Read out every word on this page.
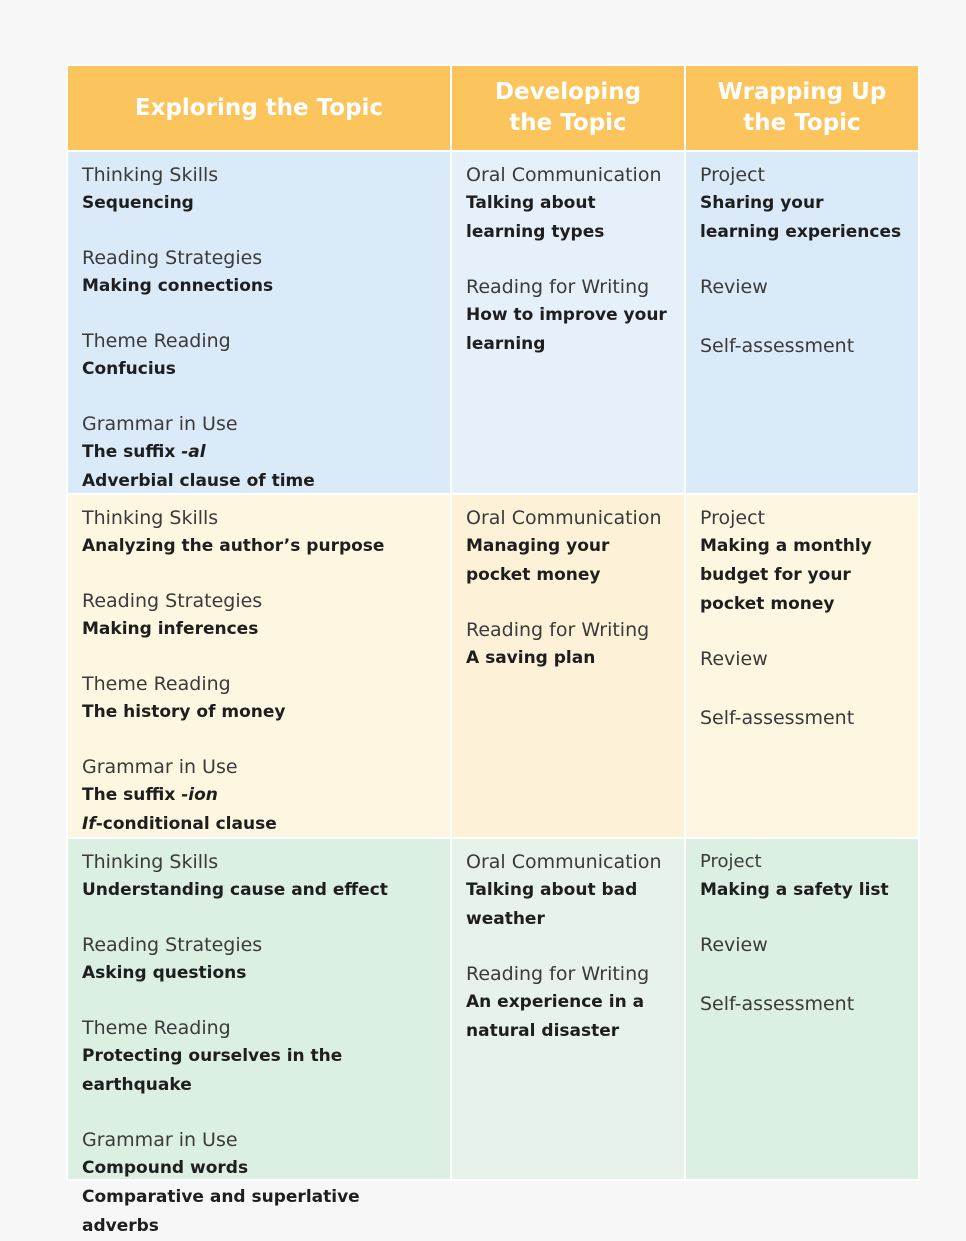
Exploring the Topic
Developing
the Topic
Wrapping Up
the Topic
Thinking Skills
Sequencing
Reading Strategies
Making connections
Theme Reading
Confucius
Grammar in Use
The suffix -al
Adverbial clause of time
Oral Communication
Talking about learning types
Reading for Writing
How to improve your learning
Project
Sharing your learning experiences
Review
Self-assessment
Thinking Skills
Analyzing the author’s purpose
Reading Strategies
Making inferences
Theme Reading
The history of money
Grammar in Use
The suffix -ion
If-conditional clause
Oral Communication
Managing your pocket money
Reading for Writing
A saving plan
Project
Making a monthly budget for your pocket money
Review
Self-assessment
Thinking Skills
Understanding cause and effect
Reading Strategies
Asking questions
Theme Reading
Protecting ourselves in the earthquake
Grammar in Use
Compound words
Comparative and superlative adverbs
Oral Communication
Talking about bad weather
Reading for Writing
An experience in a natural disaster
Project
Making a safety list
Review
Self-assessment
